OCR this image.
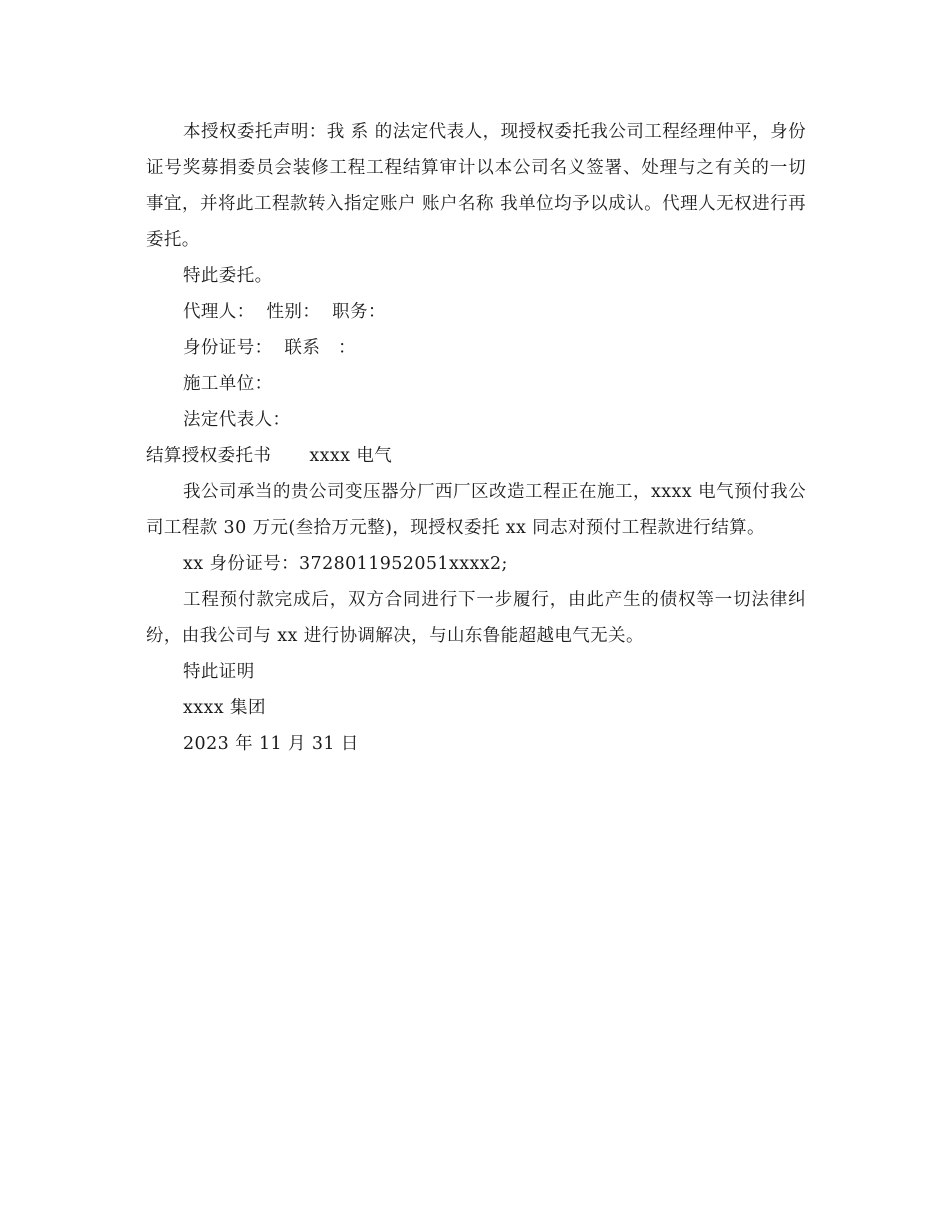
本授权委托声明：我 系 的法定代表人，现授权委托我公司工程经理仲平，身份证号奖募捐委员会装修工程工程结算审计以本公司名义签署、处理与之有关的一切事宜，并将此工程款转入指定账户 账户名称 我单位均予以成认。代理人无权进行再委托。

特此委托。

代理人：  性别：  职务：

身份证号：  联系   ：

施工单位：

法定代表人：

结算授权委托书 xxxx 电气

我公司承当的贵公司变压器分厂西厂区改造工程正在施工，xxxx 电气预付我公司工程款 30 万元(叁拾万元整)，现授权委托 xx 同志对预付工程款进行结算。

xx 身份证号：3728011952051xxxx2;

工程预付款完成后，双方合同进行下一步履行，由此产生的债权等一切法律纠纷，由我公司与 xx 进行协调解决，与山东鲁能超越电气无关。

特此证明

xxxx 集团

2023 年 11 月 31 日
